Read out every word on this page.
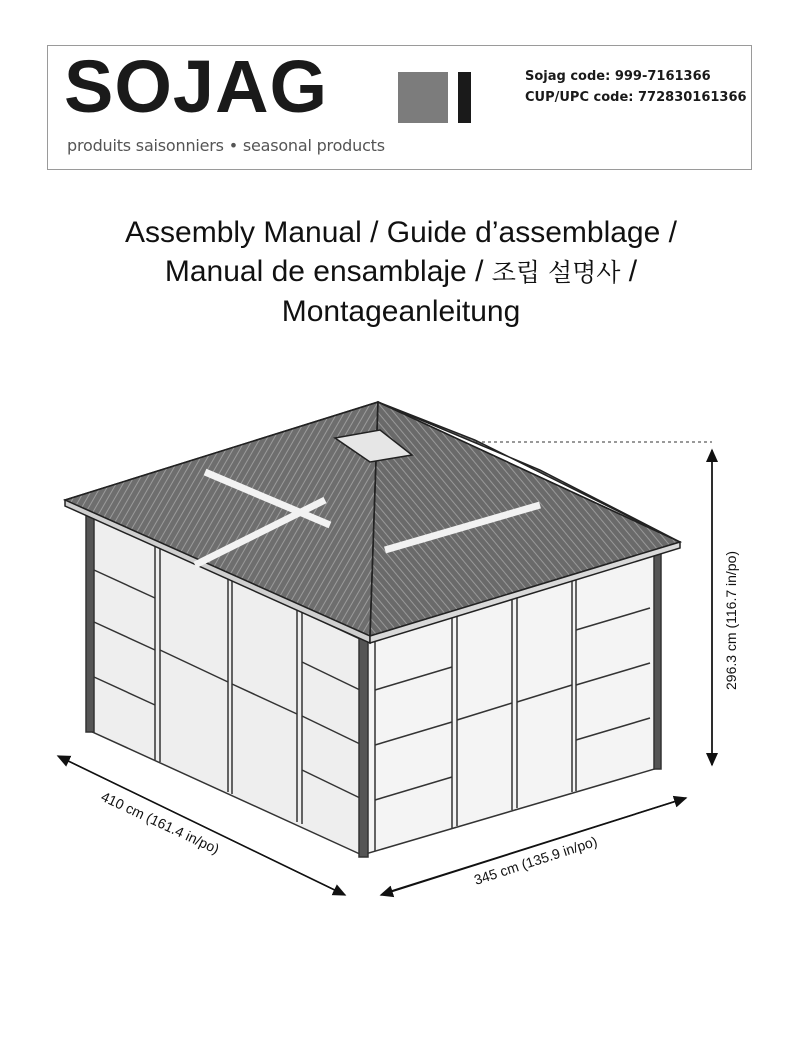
SOJAG
produits saisonniers • seasonal products
Sojag code: 999-7161366
CUP/UPC code: 772830161366
Assembly Manual / Guide d’assemblage /
Manual de ensamblaje / 조립 설명사 /
Montageanleitung
296.3 cm (116.7 in/po)
410 cm (161.4 in/po)
345 cm (135.9 in/po)
